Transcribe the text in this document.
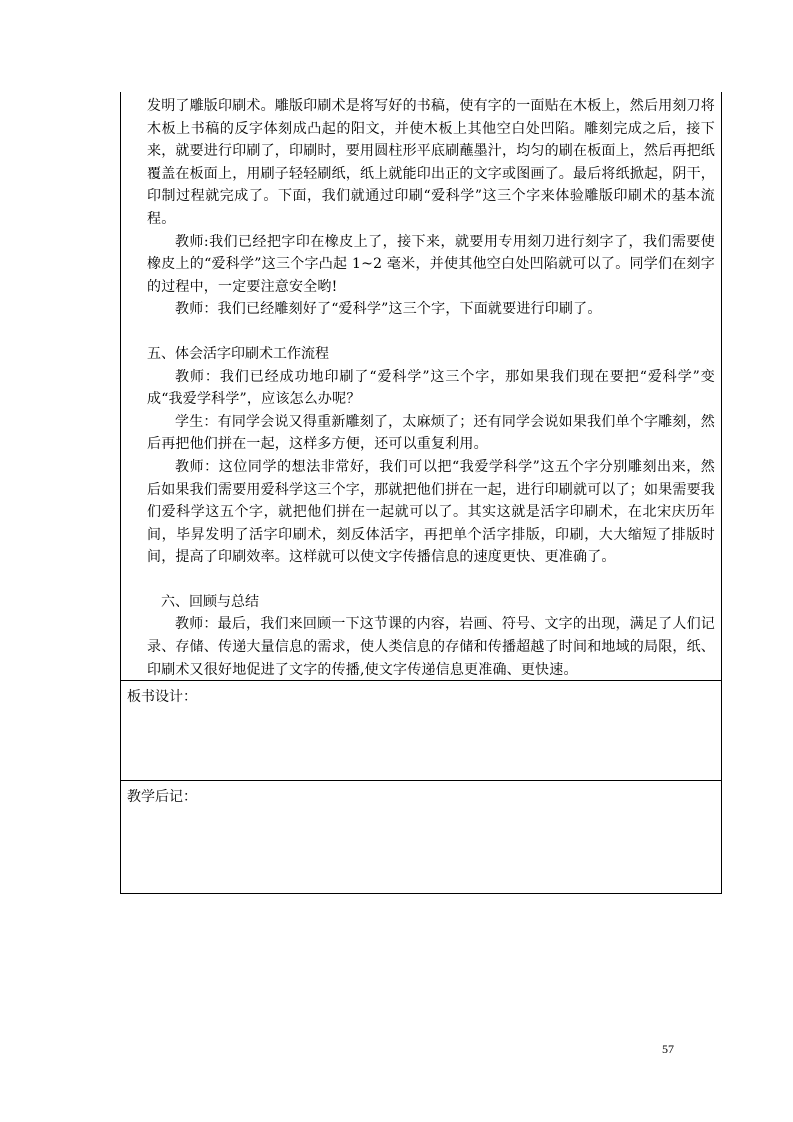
发明了雕版印刷术。雕版印刷术是将写好的书稿，使有字的一面贴在木板上，然后用刻刀将木板上书稿的反字体刻成凸起的阳文，并使木板上其他空白处凹陷。雕刻完成之后，接下来，就要进行印刷了，印刷时，要用圆柱形平底刷蘸墨汁，均匀的刷在板面上，然后再把纸覆盖在板面上，用刷子轻轻刷纸，纸上就能印出正的文字或图画了。最后将纸掀起，阴干，印制过程就完成了。下面，我们就通过印刷“爱科学”这三个字来体验雕版印刷术的基本流程。

教师:我们已经把字印在橡皮上了，接下来，就要用专用刻刀进行刻字了，我们需要使橡皮上的“爱科学”这三个字凸起 1~2 毫米，并使其他空白处凹陷就可以了。同学们在刻字的过程中，一定要注意安全哟!

教师：我们已经雕刻好了“爱科学”这三个字，下面就要进行印刷了。

五、体会活字印刷术工作流程

教师：我们已经成功地印刷了“爱科学”这三个字，那如果我们现在要把“爱科学”变成“我爱学科学”，应该怎么办呢？

学生：有同学会说又得重新雕刻了，太麻烦了；还有同学会说如果我们单个字雕刻，然后再把他们拼在一起，这样多方便，还可以重复利用。

教师：这位同学的想法非常好，我们可以把“我爱学科学”这五个字分别雕刻出来，然后如果我们需要用爱科学这三个字，那就把他们拼在一起，进行印刷就可以了；如果需要我们爱科学这五个字，就把他们拼在一起就可以了。其实这就是活字印刷术，在北宋庆历年间，毕昇发明了活字印刷术，刻反体活字，再把单个活字排版，印刷，大大缩短了排版时间，提高了印刷效率。这样就可以使文字传播信息的速度更快、更准确了。

六、回顾与总结

教师：最后，我们来回顾一下这节课的内容，岩画、符号、文字的出现，满足了人们记录、存储、传递大量信息的需求，使人类信息的存储和传播超越了时间和地域的局限，纸、印刷术又很好地促进了文字的传播,使文字传递信息更准确、更快速。

板书设计：
教学后记：
57
